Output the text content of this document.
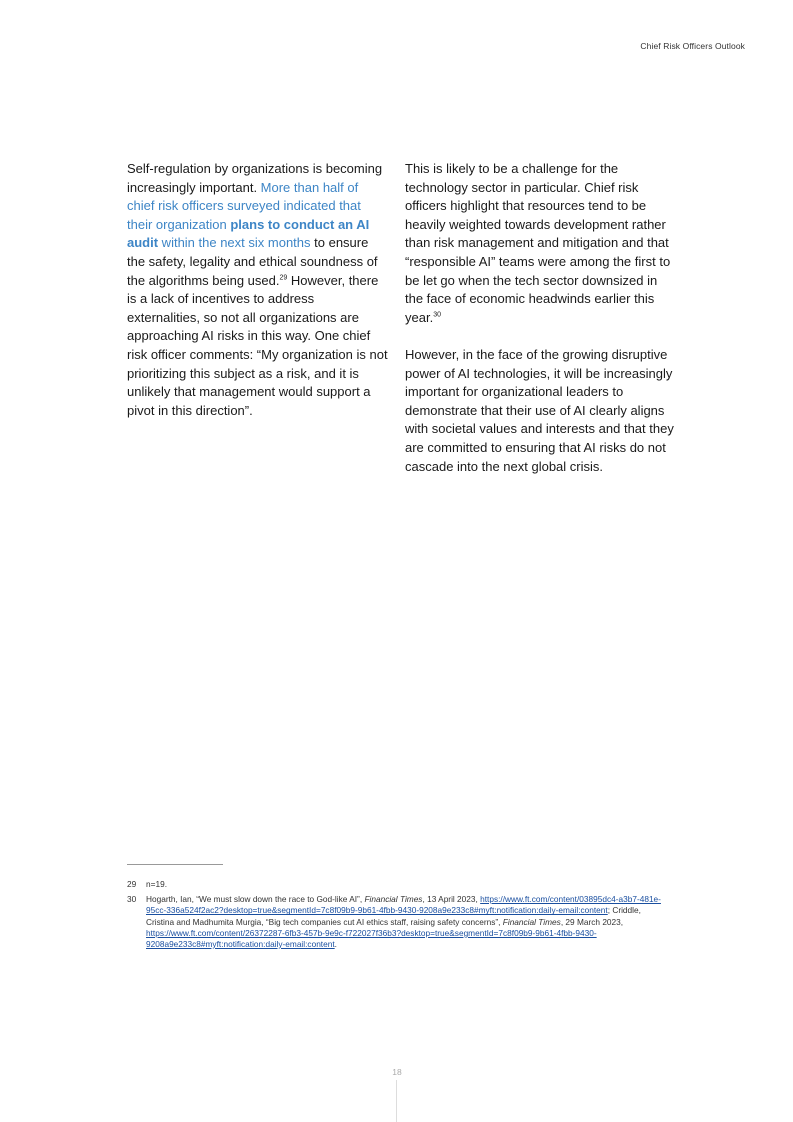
Chief Risk Officers Outlook

Self-regulation by organizations is becoming increasingly important. More than half of chief risk officers surveyed indicated that their organization plans to conduct an AI audit within the next six months to ensure the safety, legality and ethical soundness of the algorithms being used.$^{29}$ However, there is a lack of incentives to address externalities, so not all organizations are approaching AI risks in this way. One chief risk officer comments: “My organization is not prioritizing this subject as a risk, and it is unlikely that management would support a pivot in this direction”.

This is likely to be a challenge for the technology sector in particular. Chief risk officers highlight that resources tend to be heavily weighted towards development rather than risk management and mitigation and that “responsible AI” teams were among the first to be let go when the tech sector downsized in the face of economic headwinds earlier this year.$^{30}$

However, in the face of the growing disruptive power of AI technologies, it will be increasingly important for organizational leaders to demonstrate that their use of AI clearly aligns with societal values and interests and that they are committed to ensuring that AI risks do not cascade into the next global crisis.

29	n=19.
30	Hogarth, Ian, “We must slow down the race to God-like AI”, Financial Times, 13 April 2023, https://www.ft.com/content/03895dc4-a3b7-481e-95cc-336a524f2ac2?desktop=true&segmentId=7c8f09b9-9b61-4fbb-9430-9208a9e233c8#myft:notification:daily-email:content; Criddle, Cristina and Madhumita Murgia, “Big tech companies cut AI ethics staff, raising safety concerns”, Financial Times, 29 March 2023, https://www.ft.com/content/26372287-6fb3-457b-9e9c-f722027f36b3?desktop=true&segmentId=7c8f09b9-9b61-4fbb-9430-9208a9e233c8#myft:notification:daily-email:content.
18
